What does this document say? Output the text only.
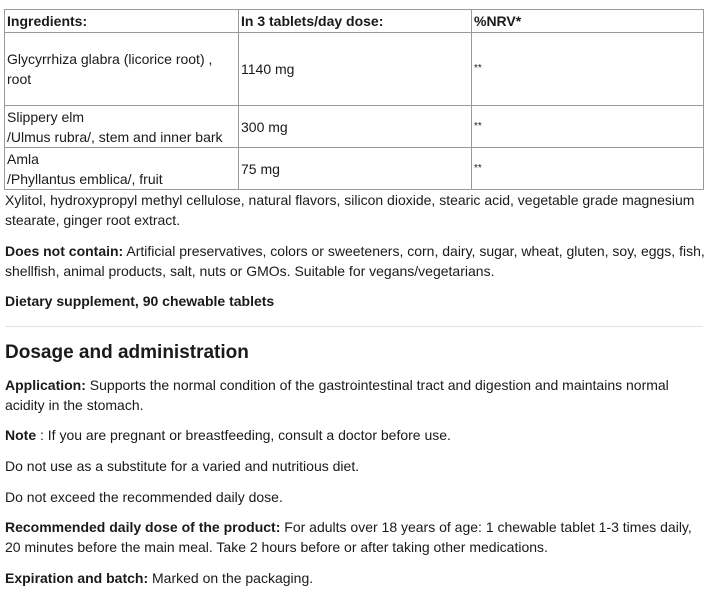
Ingredients:	In 3 tablets/day dose:	%NRV*
Glycyrrhiza glabra (licorice root) , root	1140 mg	**
Slippery elm
/Ulmus rubra/, stem and inner bark	300 mg	**
Amla
/Phyllantus emblica/, fruit	75 mg	**

Xylitol, hydroxypropyl methyl cellulose, natural flavors, silicon dioxide, stearic acid, vegetable grade magnesium stearate, ginger root extract.

Does not contain: Artificial preservatives, colors or sweeteners, corn, dairy, sugar, wheat, gluten, soy, eggs, fish, shellfish, animal products, salt, nuts or GMOs. Suitable for vegans/vegetarians.

Dietary supplement, 90 chewable tablets

Dosage and administration

Application: Supports the normal condition of the gastrointestinal tract and digestion and maintains normal acidity in the stomach.

Note : If you are pregnant or breastfeeding, consult a doctor before use.

Do not use as a substitute for a varied and nutritious diet.

Do not exceed the recommended daily dose.

Recommended daily dose of the product: For adults over 18 years of age: 1 chewable tablet 1-3 times daily, 20 minutes before the main meal. Take 2 hours before or after taking other medications.

Expiration and batch: Marked on the packaging.
